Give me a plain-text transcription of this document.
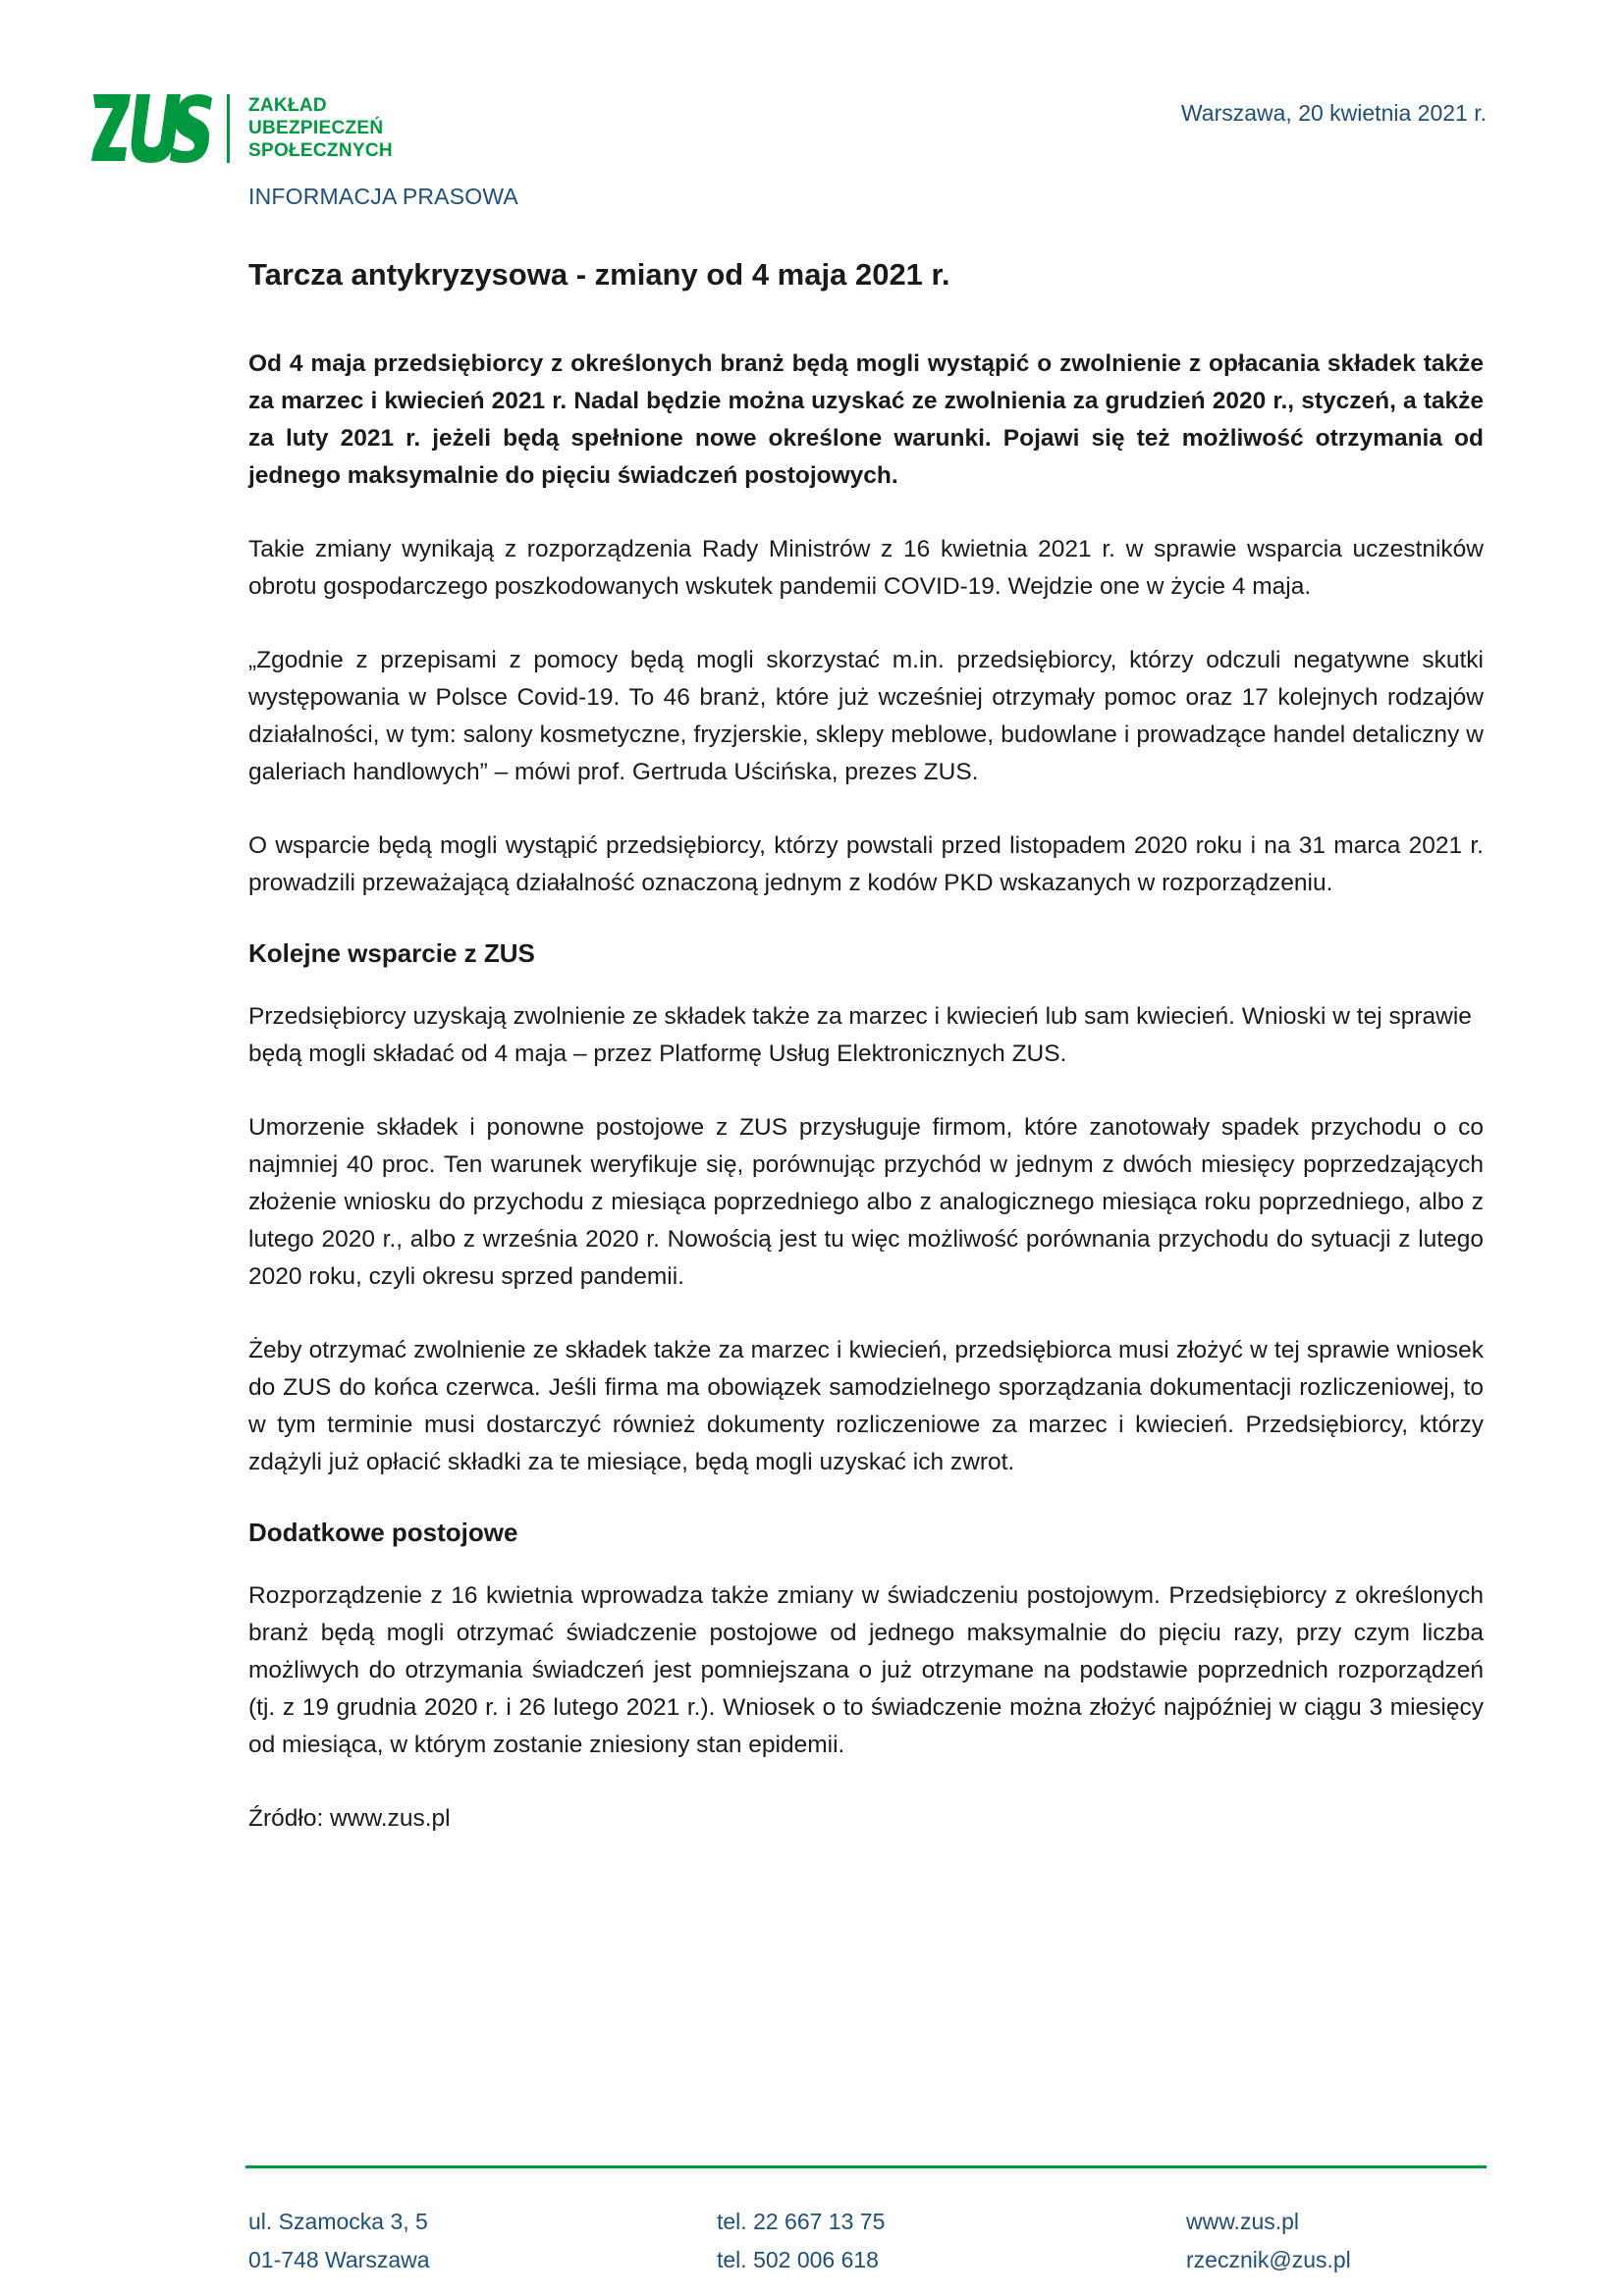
ZAKŁAD
UBEZPIECZEŃ
SPOŁECZNYCH
Warszawa, 20 kwietnia 2021 r.
INFORMACJA PRASOWA
Tarcza antykryzysowa - zmiany od 4 maja 2021 r.

Od 4 maja przedsiębiorcy z określonych branż będą mogli wystąpić o zwolnienie z opłacania składek także za marzec i kwiecień 2021 r. Nadal będzie można uzyskać ze zwolnienia za grudzień 2020 r., styczeń, a także za luty 2021 r. jeżeli będą spełnione nowe określone warunki. Pojawi się też możliwość otrzymania od jednego maksymalnie do pięciu świadczeń postojowych.

Takie zmiany wynikają z rozporządzenia Rady Ministrów z 16 kwietnia 2021 r. w sprawie wsparcia uczestników obrotu gospodarczego poszkodowanych wskutek pandemii COVID-19. Wejdzie one w życie 4 maja.

„Zgodnie z przepisami z pomocy będą mogli skorzystać m.in. przedsiębiorcy, którzy odczuli negatywne skutki występowania w Polsce Covid-19. To 46 branż, które już wcześniej otrzymały pomoc oraz 17 kolejnych rodzajów działalności, w tym: salony kosmetyczne, fryzjerskie, sklepy meblowe, budowlane i prowadzące handel detaliczny w galeriach handlowych” – mówi prof. Gertruda Uścińska, prezes ZUS.

O wsparcie będą mogli wystąpić przedsiębiorcy, którzy powstali przed listopadem 2020 roku i na 31 marca 2021 r. prowadzili przeważającą działalność oznaczoną jednym z kodów PKD wskazanych w rozporządzeniu.

Kolejne wsparcie z ZUS

Przedsiębiorcy uzyskają zwolnienie ze składek także za marzec i kwiecień lub sam kwiecień. Wnioski w tej sprawie będą mogli składać od 4 maja – przez Platformę Usług Elektronicznych ZUS.

Umorzenie składek i ponowne postojowe z ZUS przysługuje firmom, które zanotowały spadek przychodu o co najmniej 40 proc. Ten warunek weryfikuje się, porównując przychód w jednym z dwóch miesięcy poprzedzających złożenie wniosku do przychodu z miesiąca poprzedniego albo z analogicznego miesiąca roku poprzedniego, albo z lutego 2020 r., albo z września 2020 r. Nowością jest tu więc możliwość porównania przychodu do sytuacji z lutego 2020 roku, czyli okresu sprzed pandemii.

Żeby otrzymać zwolnienie ze składek także za marzec i kwiecień, przedsiębiorca musi złożyć w tej sprawie wniosek do ZUS do końca czerwca. Jeśli firma ma obowiązek samodzielnego sporządzania dokumentacji rozliczeniowej, to w tym terminie musi dostarczyć również dokumenty rozliczeniowe za marzec i kwiecień. Przedsiębiorcy, którzy zdążyli już opłacić składki za te miesiące, będą mogli uzyskać ich zwrot.

Dodatkowe postojowe

Rozporządzenie z 16 kwietnia wprowadza także zmiany w świadczeniu postojowym. Przedsiębiorcy z określonych branż będą mogli otrzymać świadczenie postojowe od jednego maksymalnie do pięciu razy, przy czym liczba możliwych do otrzymania świadczeń jest pomniejszana o już otrzymane na podstawie poprzednich rozporządzeń (tj. z 19 grudnia 2020 r. i 26 lutego 2021 r.). Wniosek o to świadczenie można złożyć najpóźniej w ciągu 3 miesięcy od miesiąca, w którym zostanie zniesiony stan epidemii.

Źródło: www.zus.pl

ul. Szamocka 3, 5
01-748 Warszawa
tel. 22 667 13 75
tel. 502 006 618
www.zus.pl
rzecznik@zus.pl
